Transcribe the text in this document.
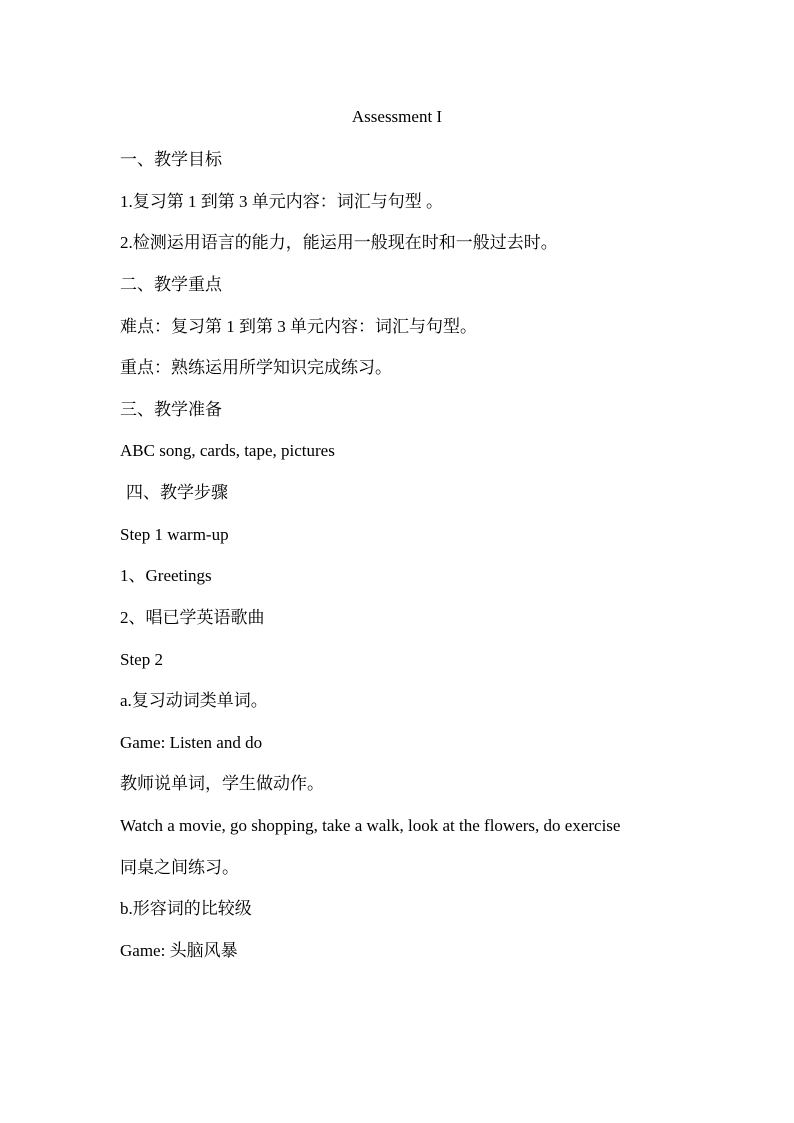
Assessment I
一、教学目标
1.复习第 1 到第 3 单元内容：词汇与句型 。
2.检测运用语言的能力，能运用一般现在时和一般过去时。
二、教学重点
难点：复习第 1 到第 3 单元内容：词汇与句型。
重点：熟练运用所学知识完成练习。
三、教学准备
ABC song, cards, tape, pictures
四、教学步骤
Step 1 warm-up
1、Greetings
2、唱已学英语歌曲
Step 2
a.复习动词类单词。
Game: Listen and do
教师说单词，学生做动作。
Watch a movie, go shopping, take a walk, look at the flowers, do exercise
同桌之间练习。
b.形容词的比较级
Game: 头脑风暴
